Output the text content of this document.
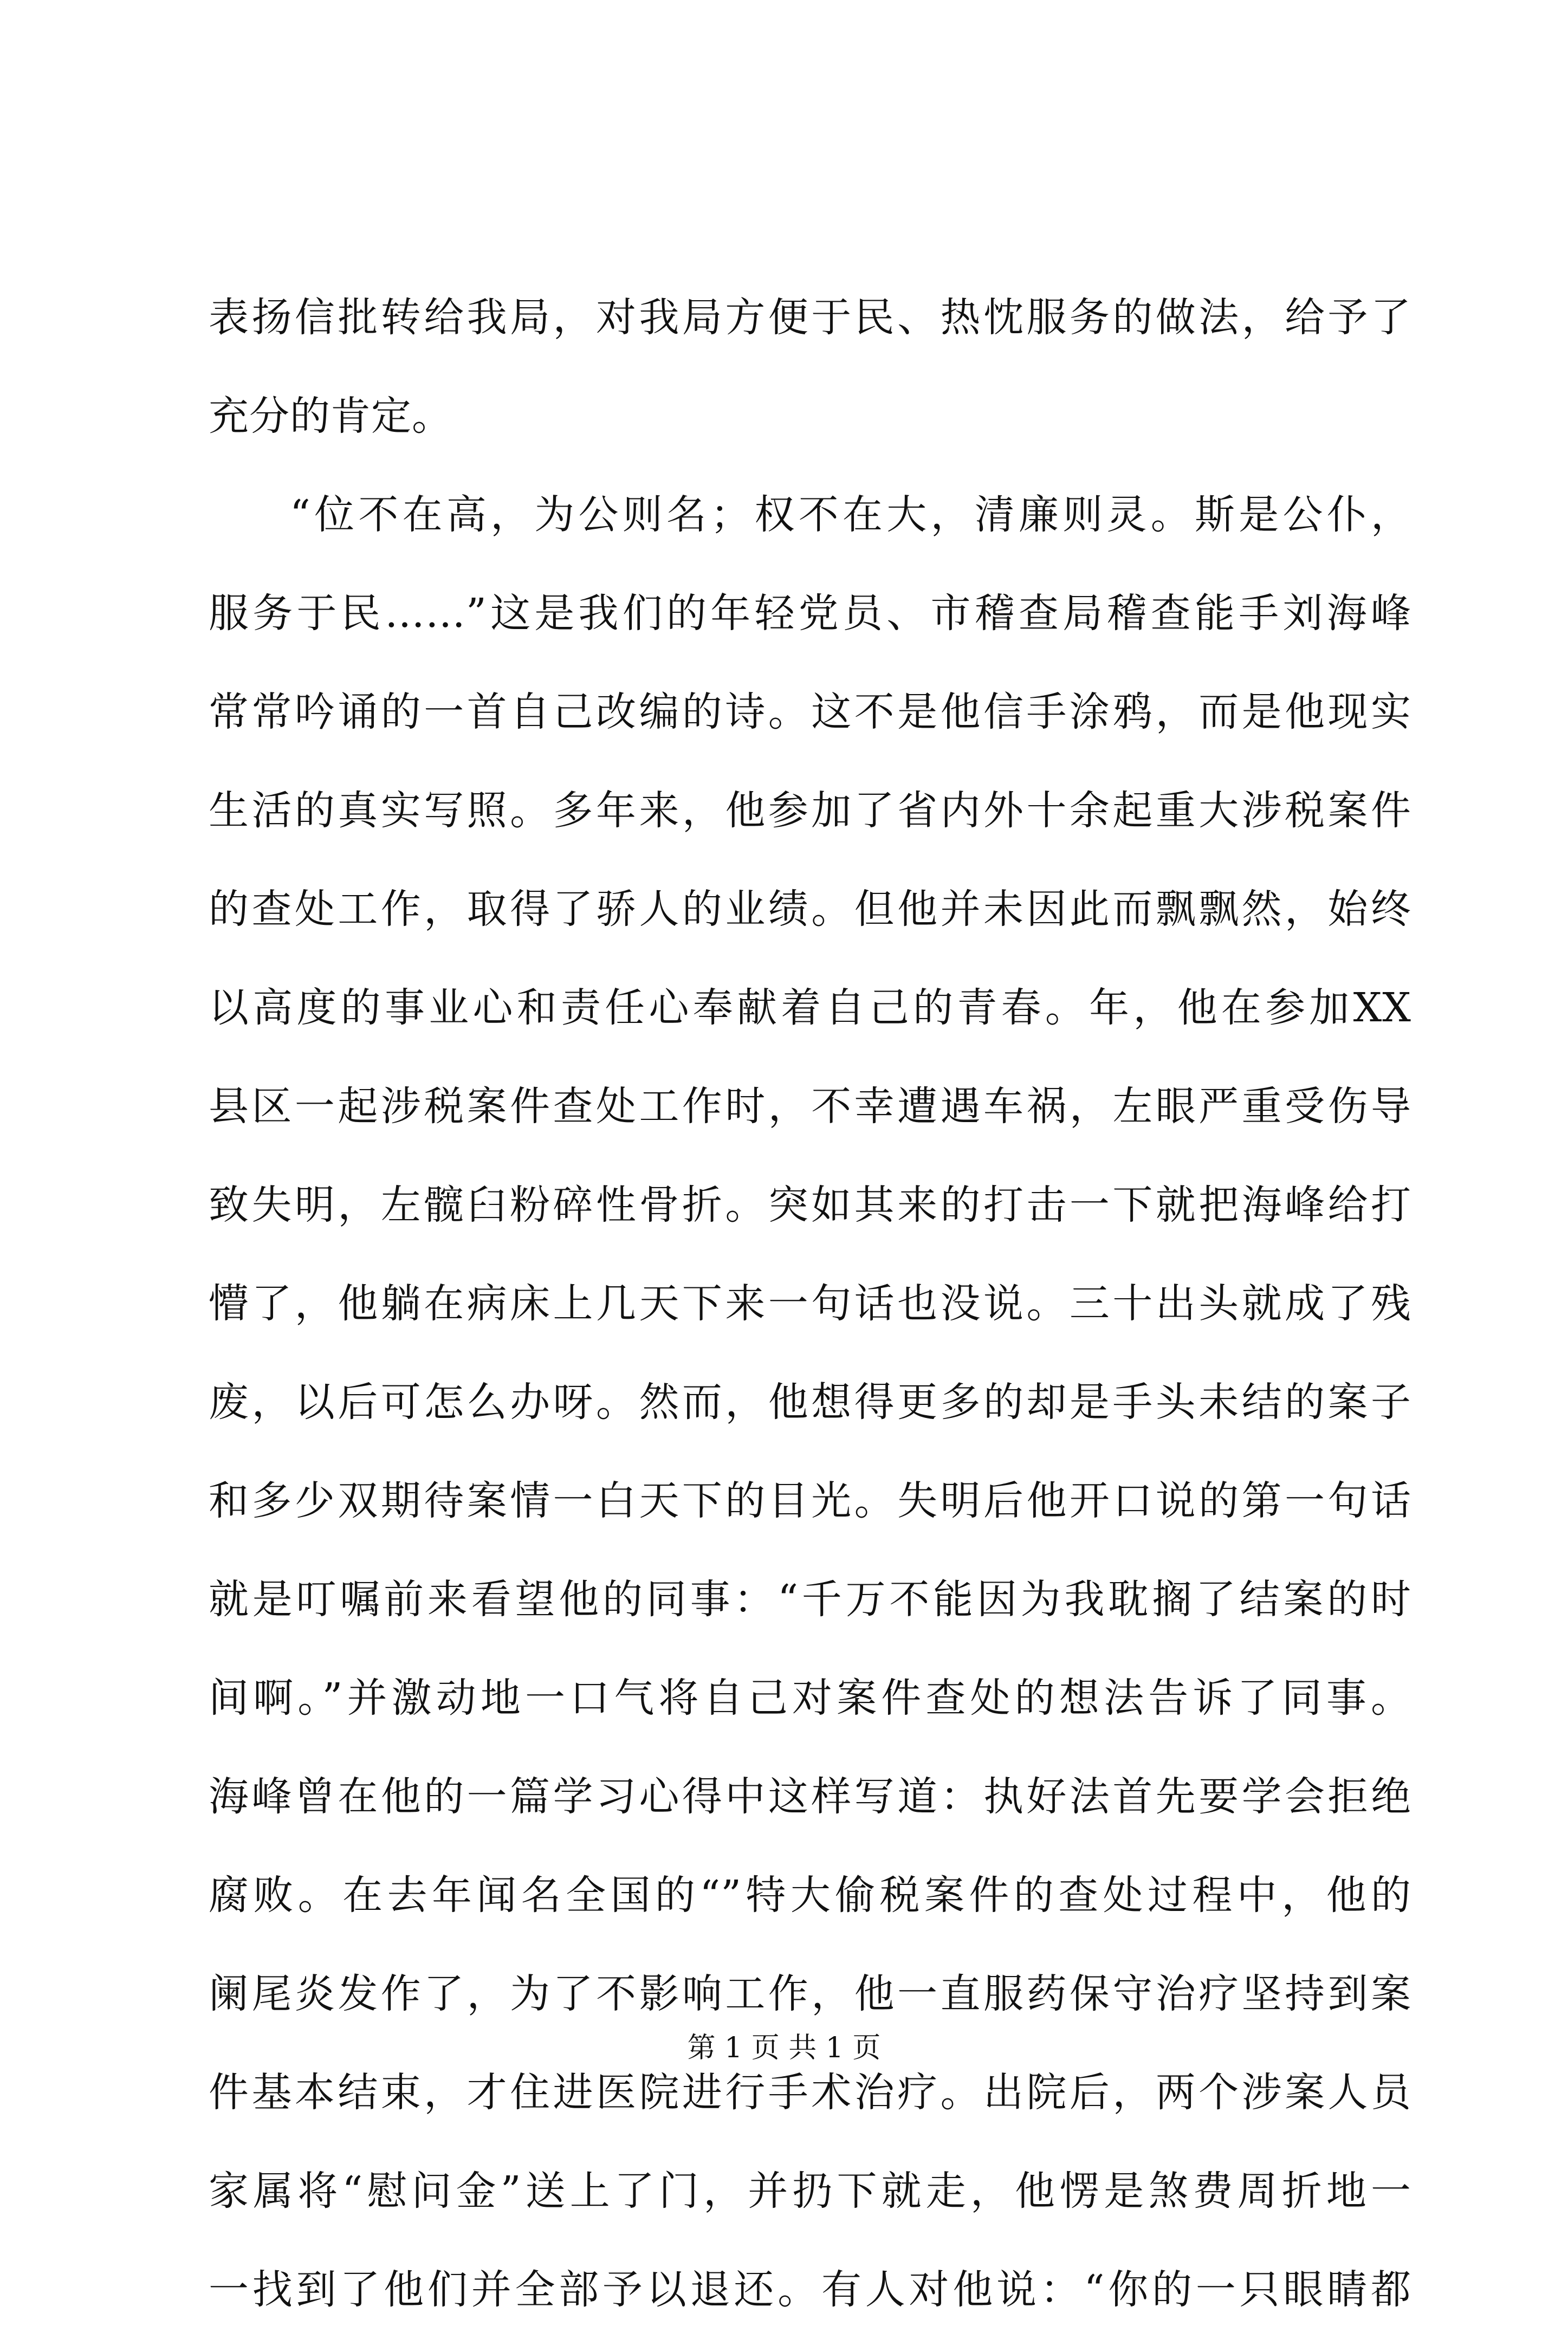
表扬信批转给我局，对我局方便于民、热忱服务的做法，给予了
充分的肯定。
“位不在高，为公则名；权不在大，清廉则灵。斯是公仆，
服务于民……”这是我们的年轻党员、市稽查局稽查能手刘海峰
常常吟诵的一首自己改编的诗。这不是他信手涂鸦，而是他现实
生活的真实写照。多年来，他参加了省内外十余起重大涉税案件
的查处工作，取得了骄人的业绩。但他并未因此而飘飘然，始终
以高度的事业心和责任心奉献着自己的青春。年，他在参加XX
县区一起涉税案件查处工作时，不幸遭遇车祸，左眼严重受伤导
致失明，左髋臼粉碎性骨折。突如其来的打击一下就把海峰给打
懵了，他躺在病床上几天下来一句话也没说。三十出头就成了残
废，以后可怎么办呀。然而，他想得更多的却是手头未结的案子
和多少双期待案情一白天下的目光。失明后他开口说的第一句话
就是叮嘱前来看望他的同事：“千万不能因为我耽搁了结案的时
间啊。”并激动地一口气将自己对案件查处的想法告诉了同事。
海峰曾在他的一篇学习心得中这样写道：执好法首先要学会拒绝
腐败。在去年闻名全国的“”特大偷税案件的查处过程中，他的
阑尾炎发作了，为了不影响工作，他一直服药保守治疗坚持到案
件基本结束，才住进医院进行手术治疗。出院后，两个涉案人员
家属将“慰问金”送上了门，并扔下就走，他愣是煞费周折地一
一找到了他们并全部予以退还。有人对他说：“你的一只眼睛都
第 1 页 共 1 页
